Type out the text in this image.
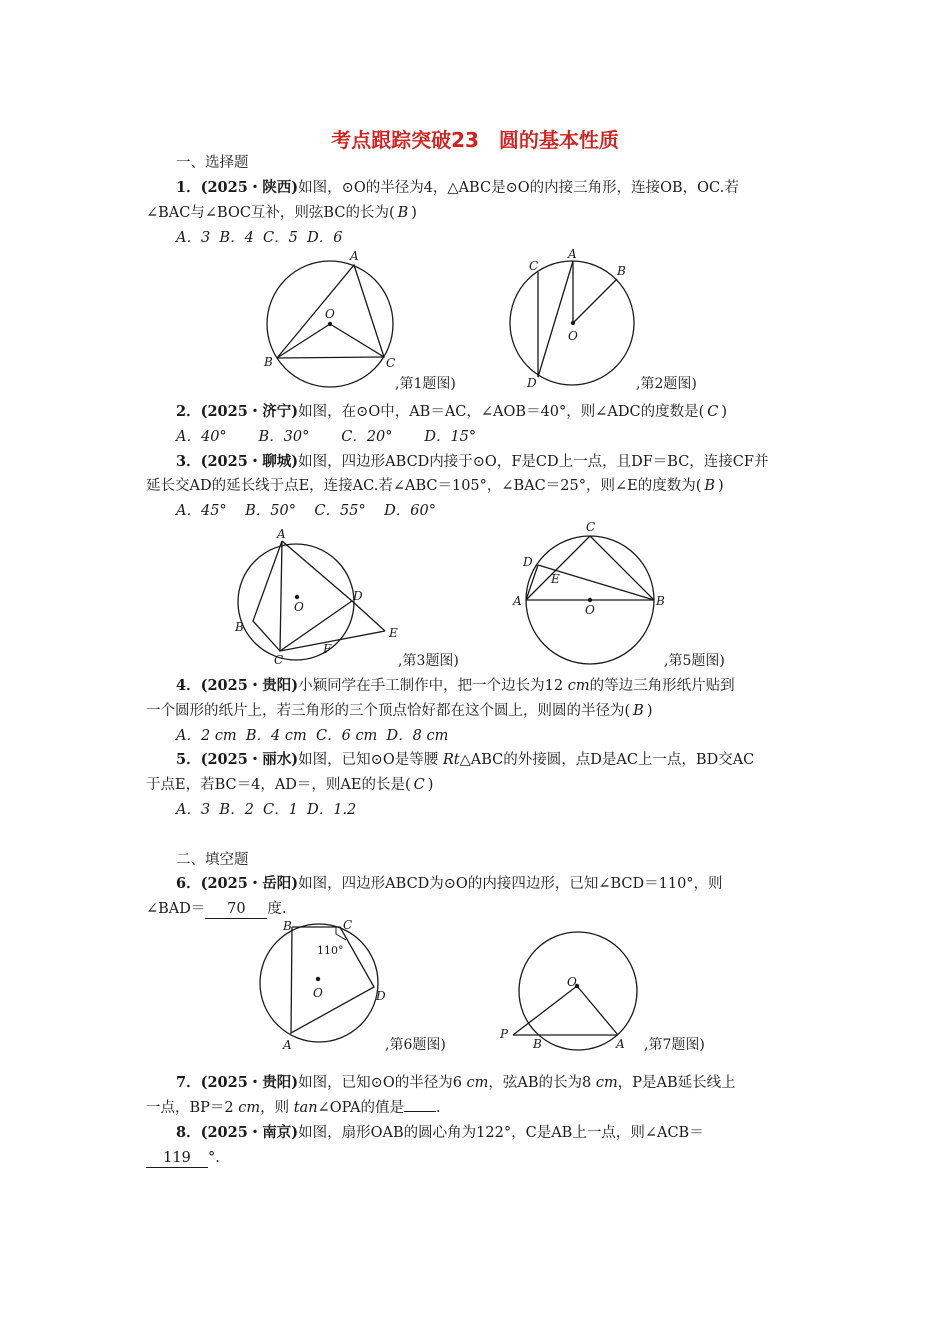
考点跟踪突破23　圆的基本性质
一、选择题
1．(2025・陕西)如图，⊙O的半径为4，△ABC是⊙O的内接三角形，连接OB，OC.若
∠BAC与∠BOC互补，则弦BC的长为( B )
A．3 B．4 C．5 D．6
A
O
B	C
,第1题图)
A
C	B
O
D	,第2题图)
2．(2025・济宁)如图，在⊙O中，AB＝AC，∠AOB＝40°，则∠ADC的度数是( C )
A．40° B．30° C．20° D．15°
3．(2025・聊城)如图，四边形ABCD内接于⊙O，F是CD上一点，且DF＝BC，连接CF并
延长交AD的延长线于点E，连接AC.若∠ABC＝105°，∠BAC＝25°，则∠E的度数为( B )
A．45° B．50° C．55° D．60°
A
O
D
B	E
F
C	,第3题图)
C
D
E
A
O
B
,第5题图)
4．(2025・贵阳)小颖同学在手工制作中，把一个边长为12 cm的等边三角形纸片贴到
一个圆形的纸片上，若三角形的三个顶点恰好都在这个圆上，则圆的半径为( B )
A．2 cm B．4 cm C．6 cm D．8 cm
5．(2025・丽水)如图，已知⊙O是等腰 Rt△ABC的外接圆，点D是AC上一点，BD交AC
于点E，若BC＝4，AD＝，则AE的长是( C )
A．3 B．2 C．1 D．1.2
二、填空题
6．(2025・岳阳)如图，四边形ABCD为⊙O的内接四边形，已知∠BCD＝110°，则
∠BAD＝ 70 度.
B	C
110°
O	D
A	,第6题图)
O
P
B	A ,第7题图)
7．(2025・贵阳)如图，已知⊙O的半径为6 cm，弦AB的长为8 cm，P是AB延长线上
一点，BP＝2 cm，则 tan∠OPA的值是 .
8．(2025・南京)如图，扇形OAB的圆心角为122°，C是AB上一点，则∠ACB＝
119 °.
